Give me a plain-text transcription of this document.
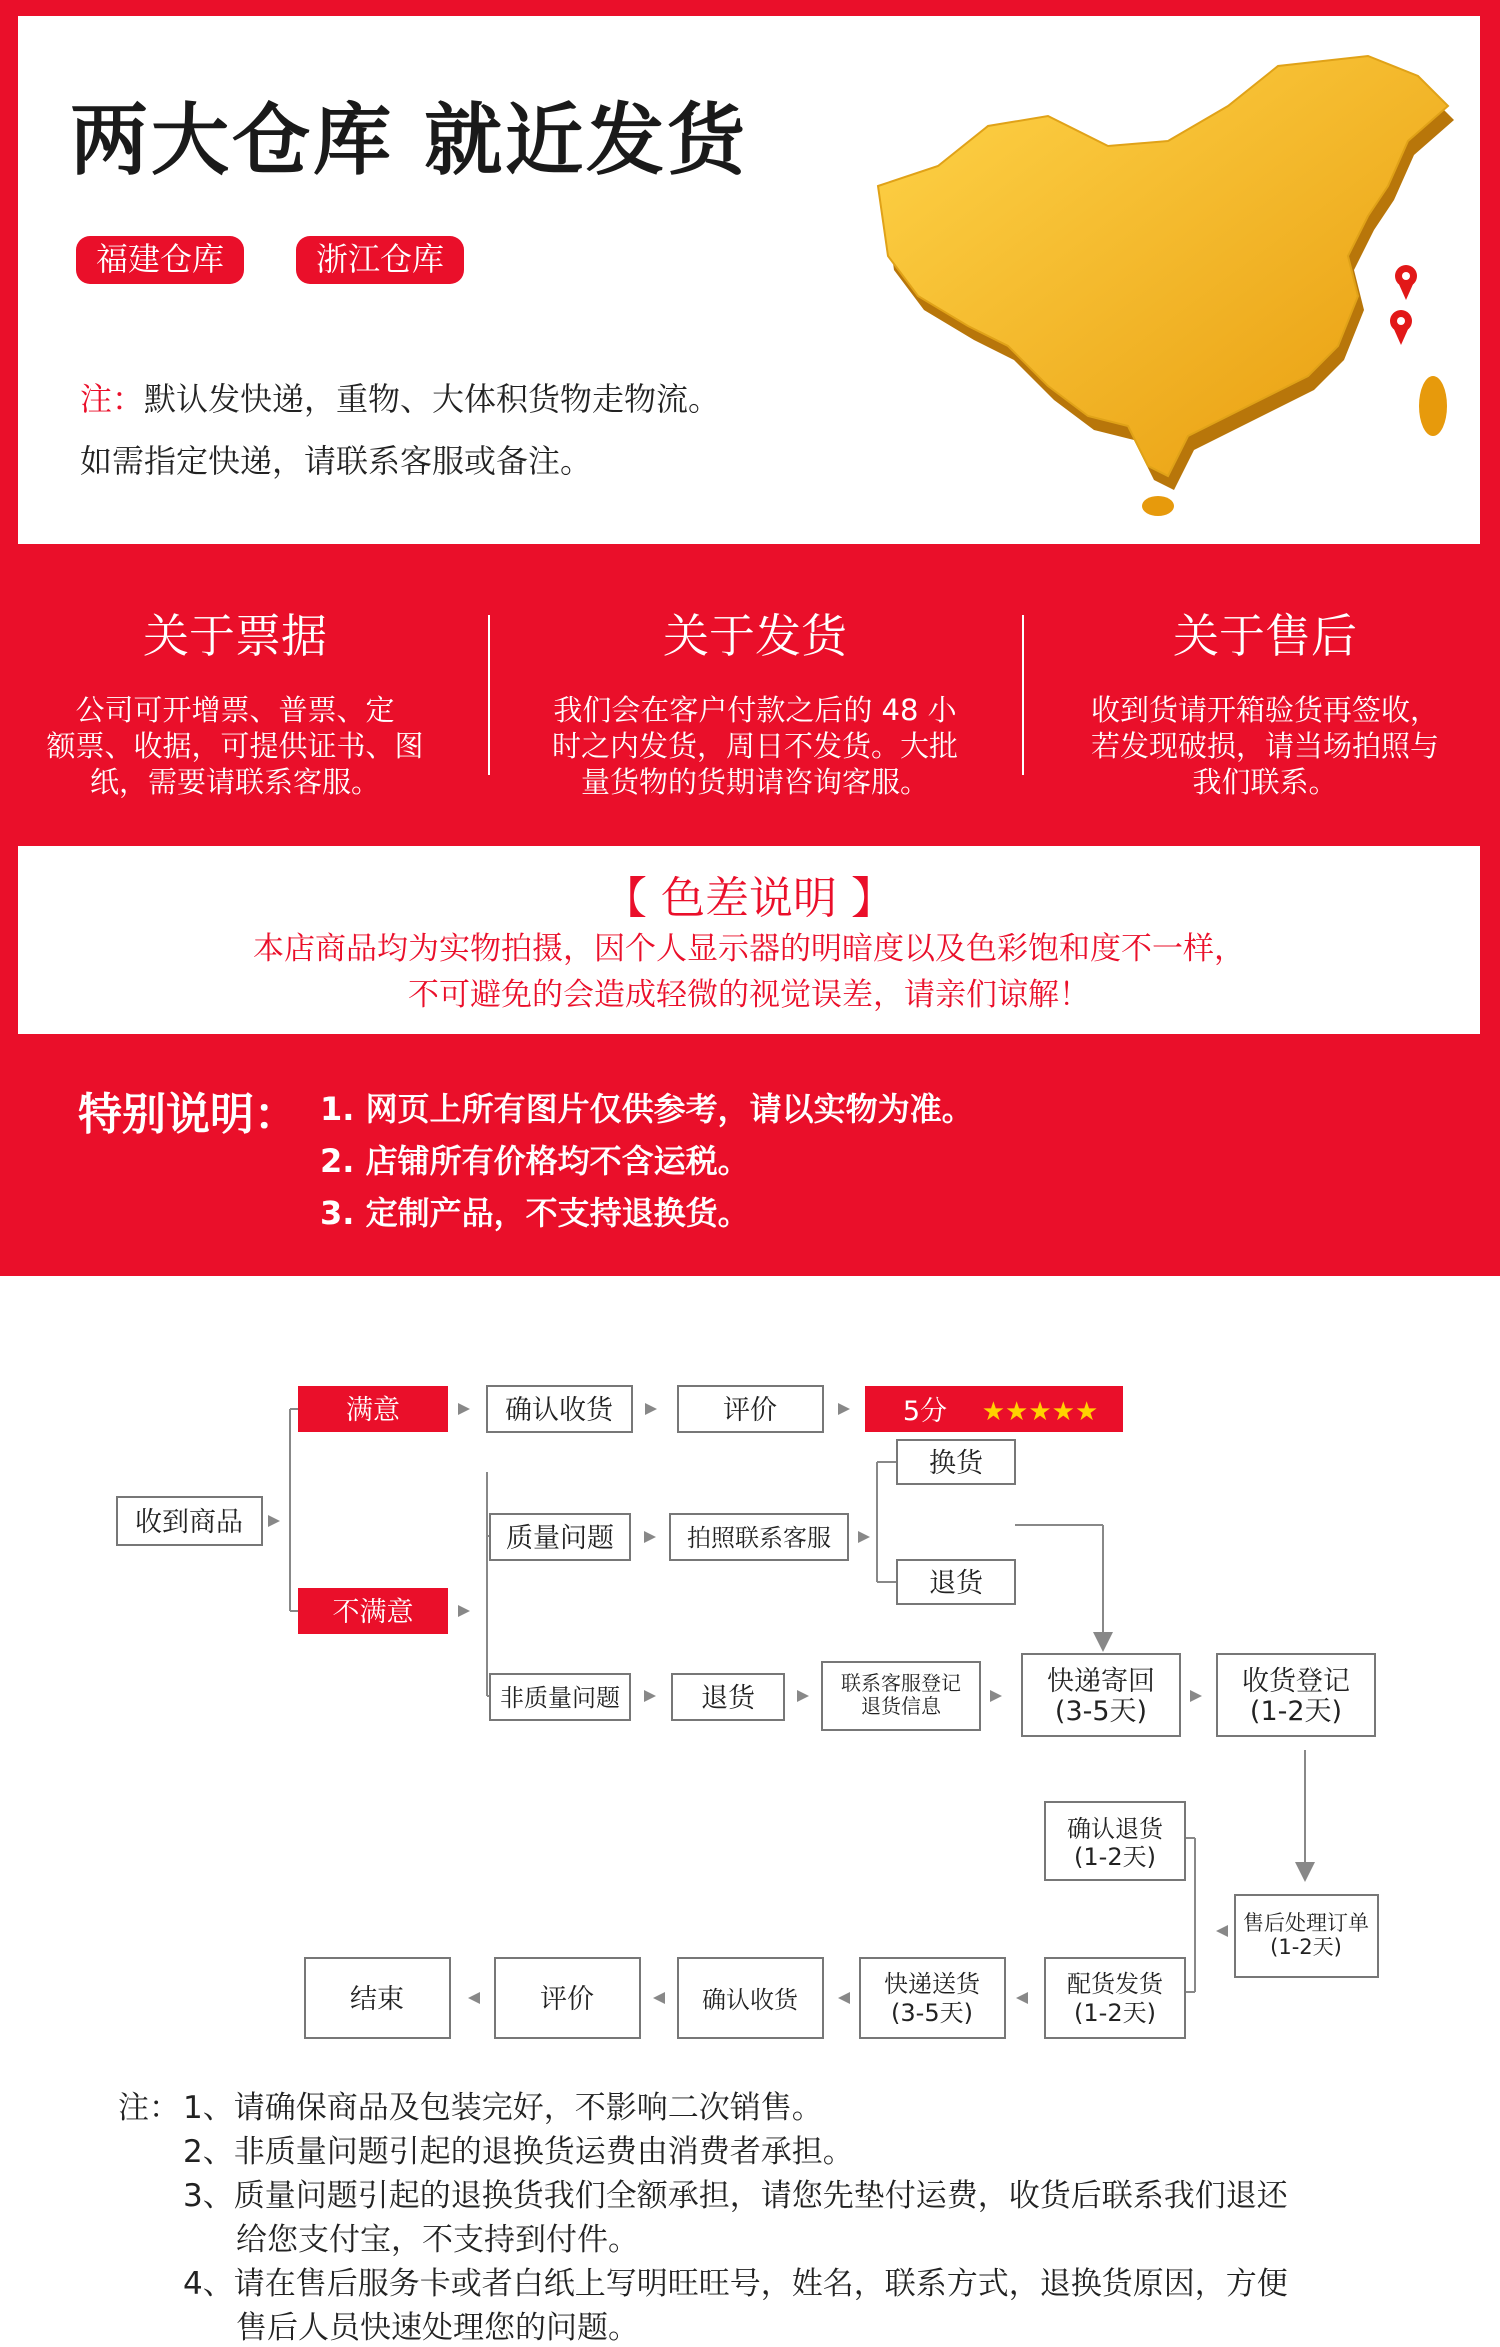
两大仓库 就近发货
福建仓库	浙江仓库
注：默认发快递，重物、大体积货物走物流。
如需指定快递，请联系客服或备注。
关于票据
公司可开增票、普票、定
额票、收据，可提供证书、图
纸，需要请联系客服。
关于发货
我们会在客户付款之后的 48 小
时之内发货，周日不发货。大批
量货物的货期请咨询客服。
关于售后
收到货请开箱验货再签收，
若发现破损，请当场拍照与
我们联系。
【 色差说明 】
本店商品均为实物拍摄，因个人显示器的明暗度以及色彩饱和度不一样，
不可避免的会造成轻微的视觉误差，请亲们谅解！
特别说明： 1. 网页上所有图片仅供参考，请以实物为准。
2. 店铺所有价格均不含运税。
3. 定制产品，不支持退换货。
收到商品
满意
不满意
确认收货	评价	5分 ★★★★★
质量问题	拍照联系客服
换货
退货
非质量问题	退货	联系客服登记
退货信息
快递寄回
(3-5天)
收货登记
(1-2天)
确认退货
(1-2天)
售后处理订单
(1-2天)
配货发货
(1-2天)
快递送货
(3-5天)
确认收货
评价
结束
注： 1、请确保商品及包装完好，不影响二次销售。
2、非质量问题引起的退换货运费由消费者承担。
3、质量问题引起的退换货我们全额承担，请您先垫付运费，收货后联系我们退还
给您支付宝，不支持到付件。
4、请在售后服务卡或者白纸上写明旺旺号，姓名，联系方式，退换货原因，方便
售后人员快速处理您的问题。
